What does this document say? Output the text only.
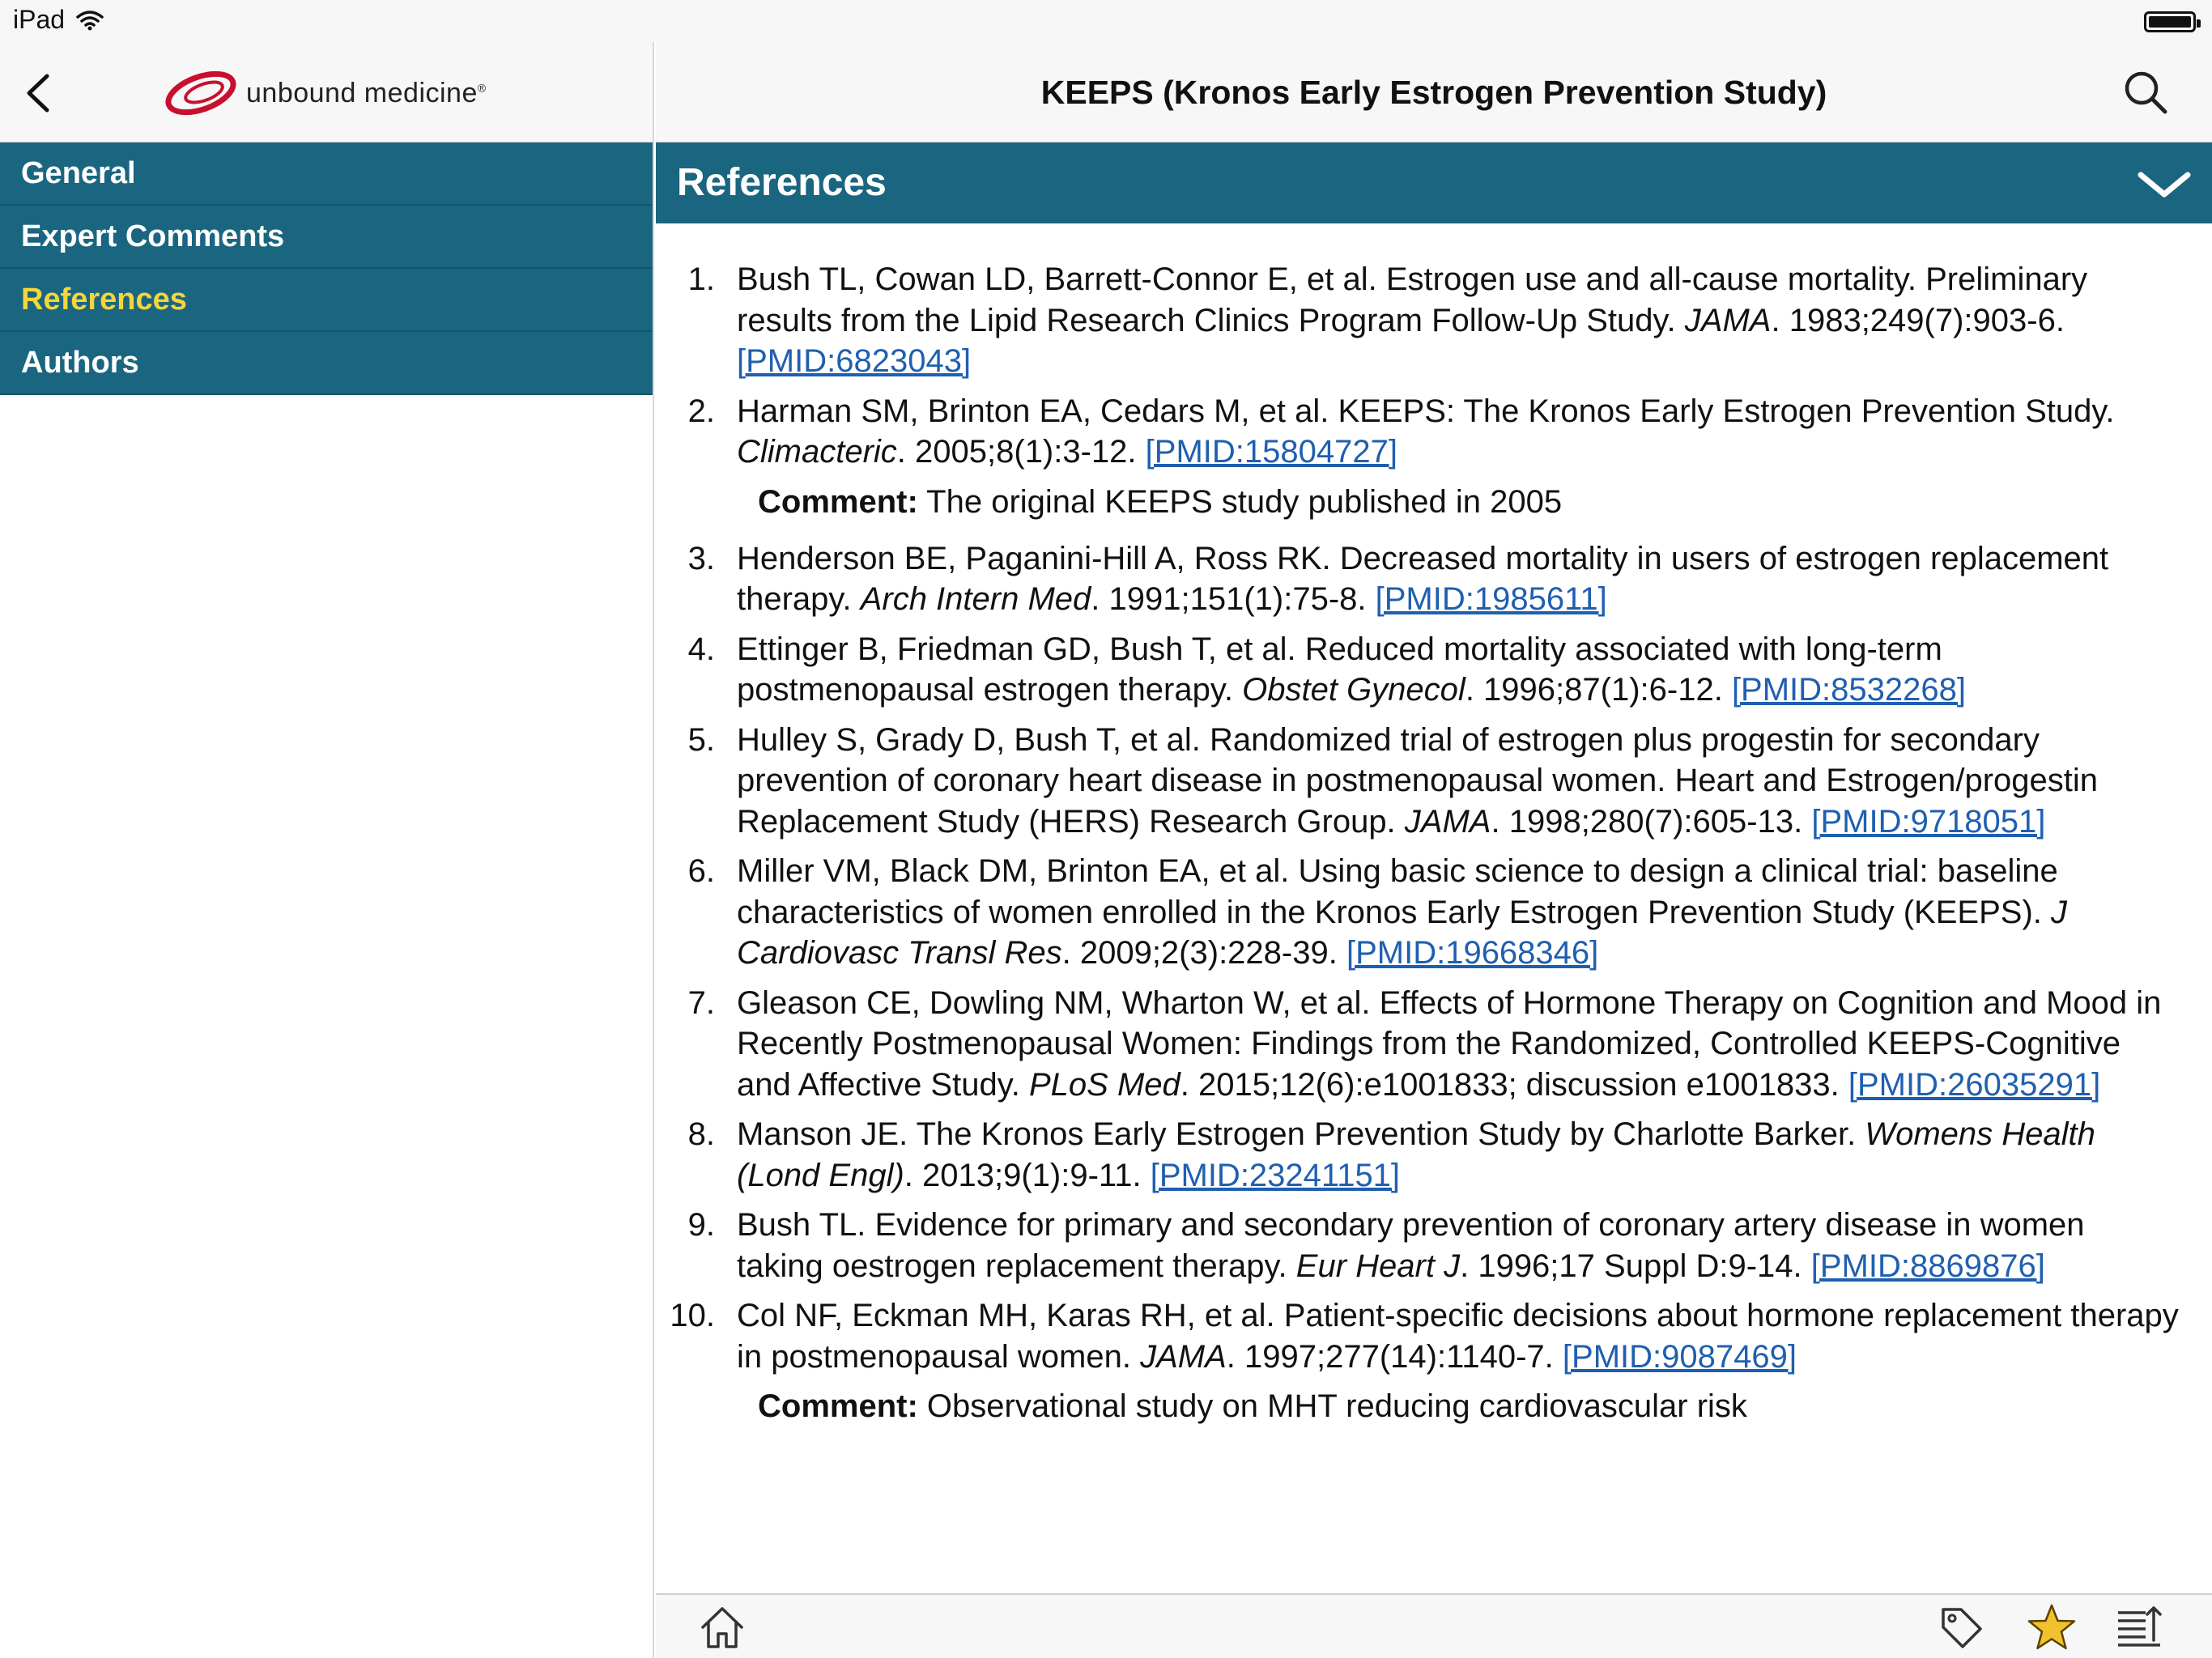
iPad
unbound medicine®
General
Expert Comments
References
Authors
KEEPS (Kronos Early Estrogen Prevention Study)
References
1. Bush TL, Cowan LD, Barrett-Connor E, et al. Estrogen use and all-cause mortality. Preliminary results from the Lipid Research Clinics Program Follow-Up Study. JAMA. 1983;249(7):903-6. [PMID:6823043]
2. Harman SM, Brinton EA, Cedars M, et al. KEEPS: The Kronos Early Estrogen Prevention Study. Climacteric. 2005;8(1):3-12. [PMID:15804727]
Comment: The original KEEPS study published in 2005
3. Henderson BE, Paganini-Hill A, Ross RK. Decreased mortality in users of estrogen replacement therapy. Arch Intern Med. 1991;151(1):75-8. [PMID:1985611]
4. Ettinger B, Friedman GD, Bush T, et al. Reduced mortality associated with long-term postmenopausal estrogen therapy. Obstet Gynecol. 1996;87(1):6-12. [PMID:8532268]
5. Hulley S, Grady D, Bush T, et al. Randomized trial of estrogen plus progestin for secondary prevention of coronary heart disease in postmenopausal women. Heart and Estrogen/progestin Replacement Study (HERS) Research Group. JAMA. 1998;280(7):605-13. [PMID:9718051]
6. Miller VM, Black DM, Brinton EA, et al. Using basic science to design a clinical trial: baseline characteristics of women enrolled in the Kronos Early Estrogen Prevention Study (KEEPS). J Cardiovasc Transl Res. 2009;2(3):228-39. [PMID:19668346]
7. Gleason CE, Dowling NM, Wharton W, et al. Effects of Hormone Therapy on Cognition and Mood in Recently Postmenopausal Women: Findings from the Randomized, Controlled KEEPS-Cognitive and Affective Study. PLoS Med. 2015;12(6):e1001833; discussion e1001833. [PMID:26035291]
8. Manson JE. The Kronos Early Estrogen Prevention Study by Charlotte Barker. Womens Health (Lond Engl). 2013;9(1):9-11. [PMID:23241151]
9. Bush TL. Evidence for primary and secondary prevention of coronary artery disease in women taking oestrogen replacement therapy. Eur Heart J. 1996;17 Suppl D:9-14. [PMID:8869876]
10. Col NF, Eckman MH, Karas RH, et al. Patient-specific decisions about hormone replacement therapy in postmenopausal women. JAMA. 1997;277(14):1140-7. [PMID:9087469]
Comment: Observational study on MHT reducing cardiovascular risk
